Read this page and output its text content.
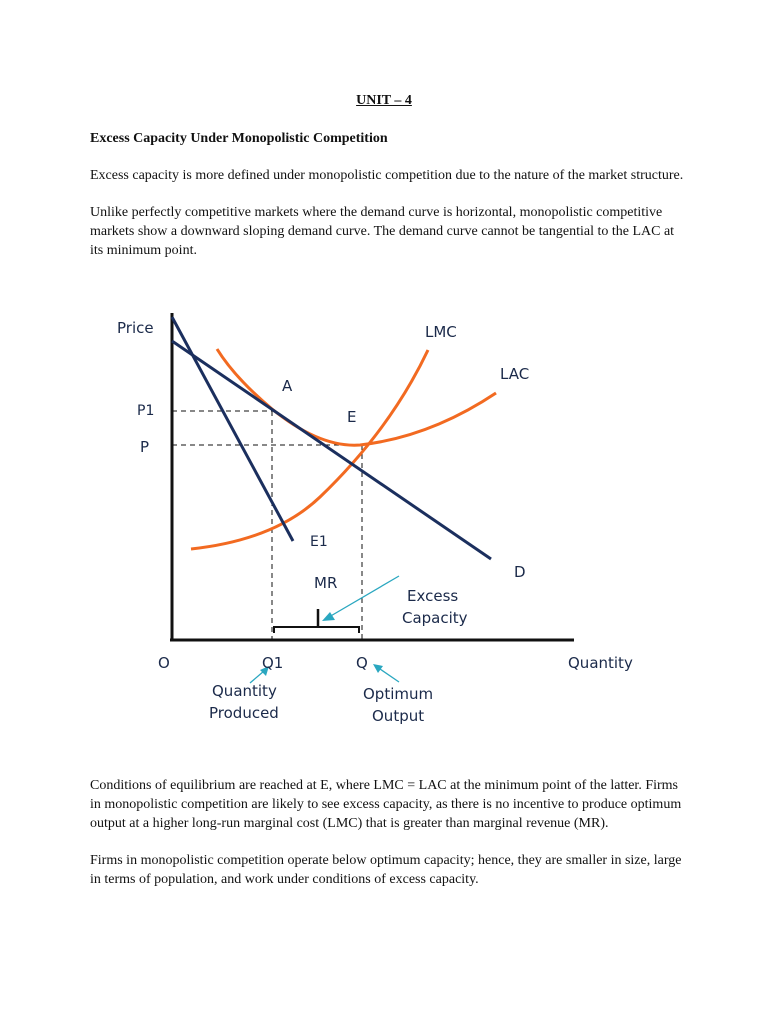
UNIT – 4

Excess Capacity Under Monopolistic Competition

Excess capacity is more defined under monopolistic competition due to the nature of the market structure.

Unlike perfectly competitive markets where the demand curve is horizontal, monopolistic competitive markets show a downward sloping demand curve. The demand curve cannot be tangential to the LAC at its minimum point.

Price
Quantity
O
P1
P
Q1	Q
A
E
E1
LMC
LAC
MR
D
Excess
Capacity
Quantity
Produced
Optimum
Output

Conditions of equilibrium are reached at E, where LMC = LAC at the minimum point of the latter. Firms in monopolistic competition are likely to see excess capacity, as there is no incentive to produce optimum output at a higher long-run marginal cost (LMC) that is greater than marginal revenue (MR).

Firms in monopolistic competition operate below optimum capacity; hence, they are smaller in size, large in terms of population, and work under conditions of excess capacity.
